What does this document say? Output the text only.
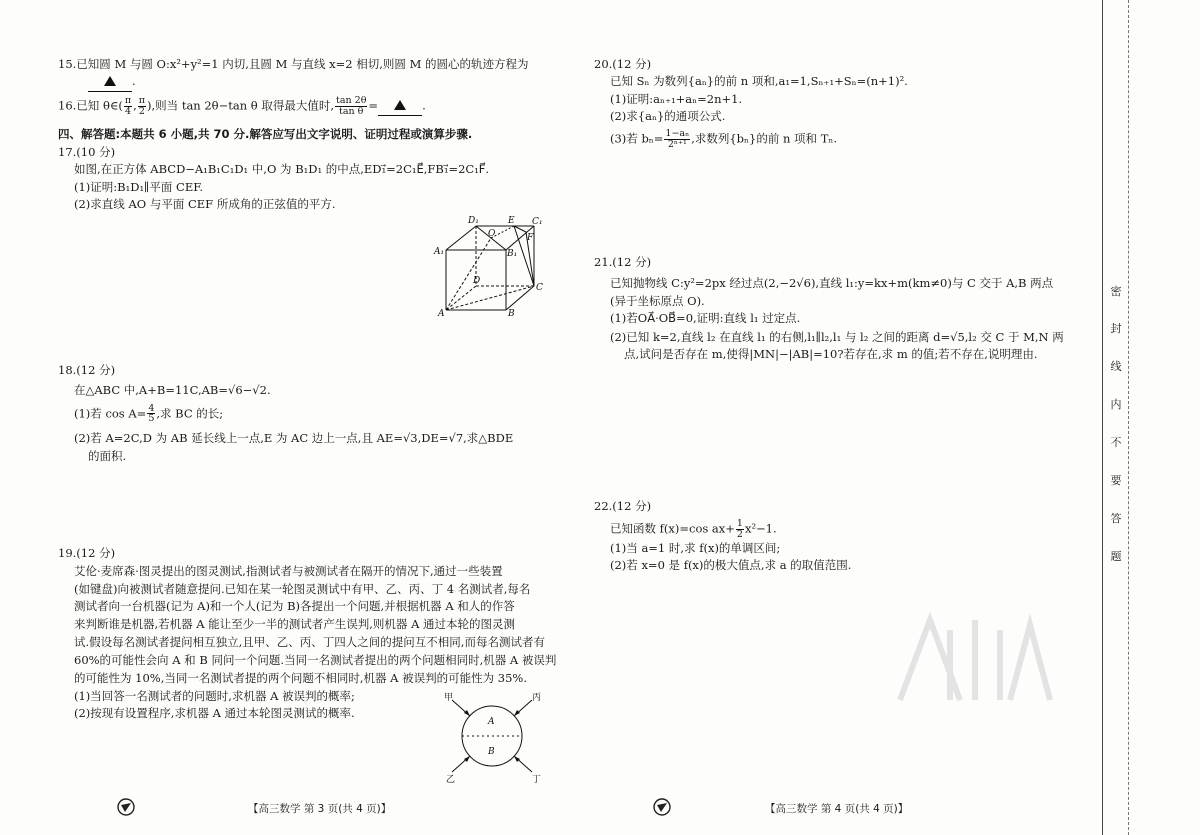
15.已知圆 M 与圆 O:x²+y²=1 内切,且圆 M 与直线 x=2 相切,则圆 M 的圆心的轨迹方程为

.

16.已知 θ∈( $\frac{\pi}{4}$ , $\frac{\pi}{2}$ ),则当 tan 2θ−tan θ 取得最大值时, $\frac{\tan 2\theta}{\text{tan θ}}$ =	.

四、解答题:本题共 6 小题,共 70 分.解答应写出文字说明、证明过程或演算步骤.

17.(10 分)

如图,在正方体 ABCD−A₁B₁C₁D₁ 中,O 为 B₁D₁ 的中点,ED₁⃗=2C₁E⃗,FB₁⃗=2C₁F⃗.

(1)证明:B₁D₁∥平面 CEF.

(2)求直线 AO 与平面 CEF 所成角的正弦值的平方.

D₁	E C₁
O	F
A₁	B₁
D
C
A	B

18.(12 分)

在△ABC 中,A+B=11C,AB=√6−√2.

(1)若 $\cos A= \frac{4}{5}$ ,求 BC 的长;

(2)若 A=2C,D 为 AB 延长线上一点,E 为 AC 边上一点,且 AE=√3,DE=√7,求△BDE

的面积.

19.(12 分)

艾伦·麦席森·图灵提出的图灵测试,指测试者与被测试者在隔开的情况下,通过一些装置

(如键盘)向被测试者随意提问.已知在某一轮图灵测试中有甲、乙、丙、丁 4 名测试者,每名

测试者向一台机器(记为 A)和一个人(记为 B)各提出一个问题,并根据机器 A 和人的作答

来判断谁是机器,若机器 A 能让至少一半的测试者产生误判,则机器 A 通过本轮的图灵测

试.假设每名测试者提问相互独立,且甲、乙、丙、丁四人之间的提问互不相同,而每名测试者有

60%的可能性会向 A 和 B 同问一个问题.当同一名测试者提出的两个问题相同时,机器 A 被误判

的可能性为 10%,当同一名测试者提的两个问题不相同时,机器 A 被误判的可能性为 35%.

(1)当回答一名测试者的问题时,求机器 A 被误判的概率;

(2)按现有设置程序,求机器 A 通过本轮图灵测试的概率.

甲	丙
乙	丁
A
B
【高三数学 第 3 页(共 4 页)】

20.(12 分)

已知 Sₙ 为数列{aₙ}的前 n 项和,a₁=1,Sₙ₊₁+Sₙ=(n+1)².

(1)证明:aₙ₊₁+aₙ=2n+1.

(2)求{aₙ}的通项公式.

(3)若 $b_n= \frac{\text{1−aₙ}}{\text{2ⁿ⁺¹}}$ ,求数列{bₙ}的前 n 项和 Tₙ.

21.(12 分)

已知抛物线 C:y²=2px 经过点(2,−2√6),直线 l₁:y=kx+m(km≠0)与 C 交于 A,B 两点

(异于坐标原点 O).

(1)若OA⃗·OB⃗=0,证明:直线 l₁ 过定点.

(2)已知 k=2,直线 l₂ 在直线 l₁ 的右侧,l₁∥l₂,l₁ 与 l₂ 之间的距离 d=√5,l₂ 交 C 于 M,N 两

点,试问是否存在 m,使得|MN|−|AB|=10?若存在,求 m 的值;若不存在,说明理由.

22.(12 分)

已知函数 f(x)=cos $ax+ \frac{1}{2} x^2-1$.

(1)当 a=1 时,求 f(x)的单调区间;

(2)若 x=0 是 f(x)的极大值点,求 a 的取值范围.

【高三数学 第 4 页(共 4 页)】
密
封
线
内
不
要
答
题
